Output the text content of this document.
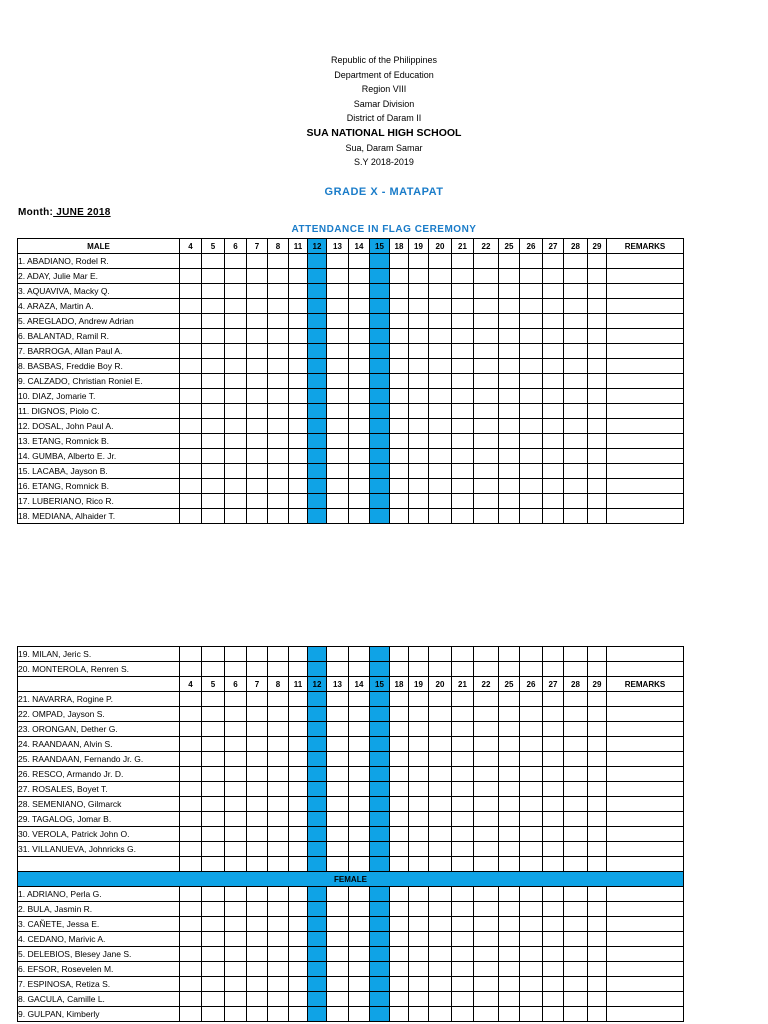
Republic of the Philippines
Department of Education
Region VIII
Samar Division
District of Daram II
SUA NATIONAL HIGH SCHOOL
Sua, Daram Samar
S.Y 2018-2019
GRADE X - MATAPAT
Month: JUNE 2018
ATTENDANCE IN FLAG CEREMONY
MALE	4	5	6	7	8	11	12	13	14	15	18	19	20	21	22	25	26	27	28	29	REMARKS
1. ABADIANO, Rodel R.																					
2. ADAY, Julie Mar E.																					
3. AQUAVIVA, Macky Q.																					
4. ARAZA, Martin A.																					
5. AREGLADO, Andrew Adrian																					
6. BALANTAD, Ramil R.																					
7. BARROGA, Allan Paul A.																					
8. BASBAS, Freddie Boy R.																					
9. CALZADO, Christian Roniel E.																					
10. DIAZ, Jomarie T.																					
11. DIGNOS, Piolo C.																					
12. DOSAL, John Paul A.																					
13. ETANG, Romnick B.																					
14. GUMBA, Alberto E. Jr.																					
15. LACABA, Jayson B.																					
16. ETANG, Romnick B.																					
17. LUBERIANO, Rico R.																					
18. MEDIANA, Alhaider T.																					
19. MILAN, Jeric S.																					
20. MONTEROLA, Renren S.																					
	4	5	6	7	8	11	12	13	14	15	18	19	20	21	22	25	26	27	28	29	REMARKS
21. NAVARRA, Rogine P.																					
22. OMPAD, Jayson S.																					
23. ORONGAN, Dether G.																					
24. RAANDAAN, Alvin S.																					
25. RAANDAAN, Fernando Jr. G.																					
26. RESCO, Armando Jr. D.																					
27. ROSALES, Boyet T.																					
28. SEMENIANO, Gilmarck																					
29. TAGALOG, Jomar B.																					
30. VEROLA, Patrick John O.																					
31. VILLANUEVA, Johnricks G.																					

FEMALE																					
1. ADRIANO, Perla G.																					
2. BULA, Jasmin R.																					
3. CAÑETE, Jessa E.																					
4. CEDANO, Marivic A.																					
5. DELEBIOS, Blesey Jane S.																					
6. EFSOR, Rosevelen M.																					
7. ESPINOSA, Retiza S.																					
8. GACULA, Camille L.																					
9. GULPAN, Kimberly																					
